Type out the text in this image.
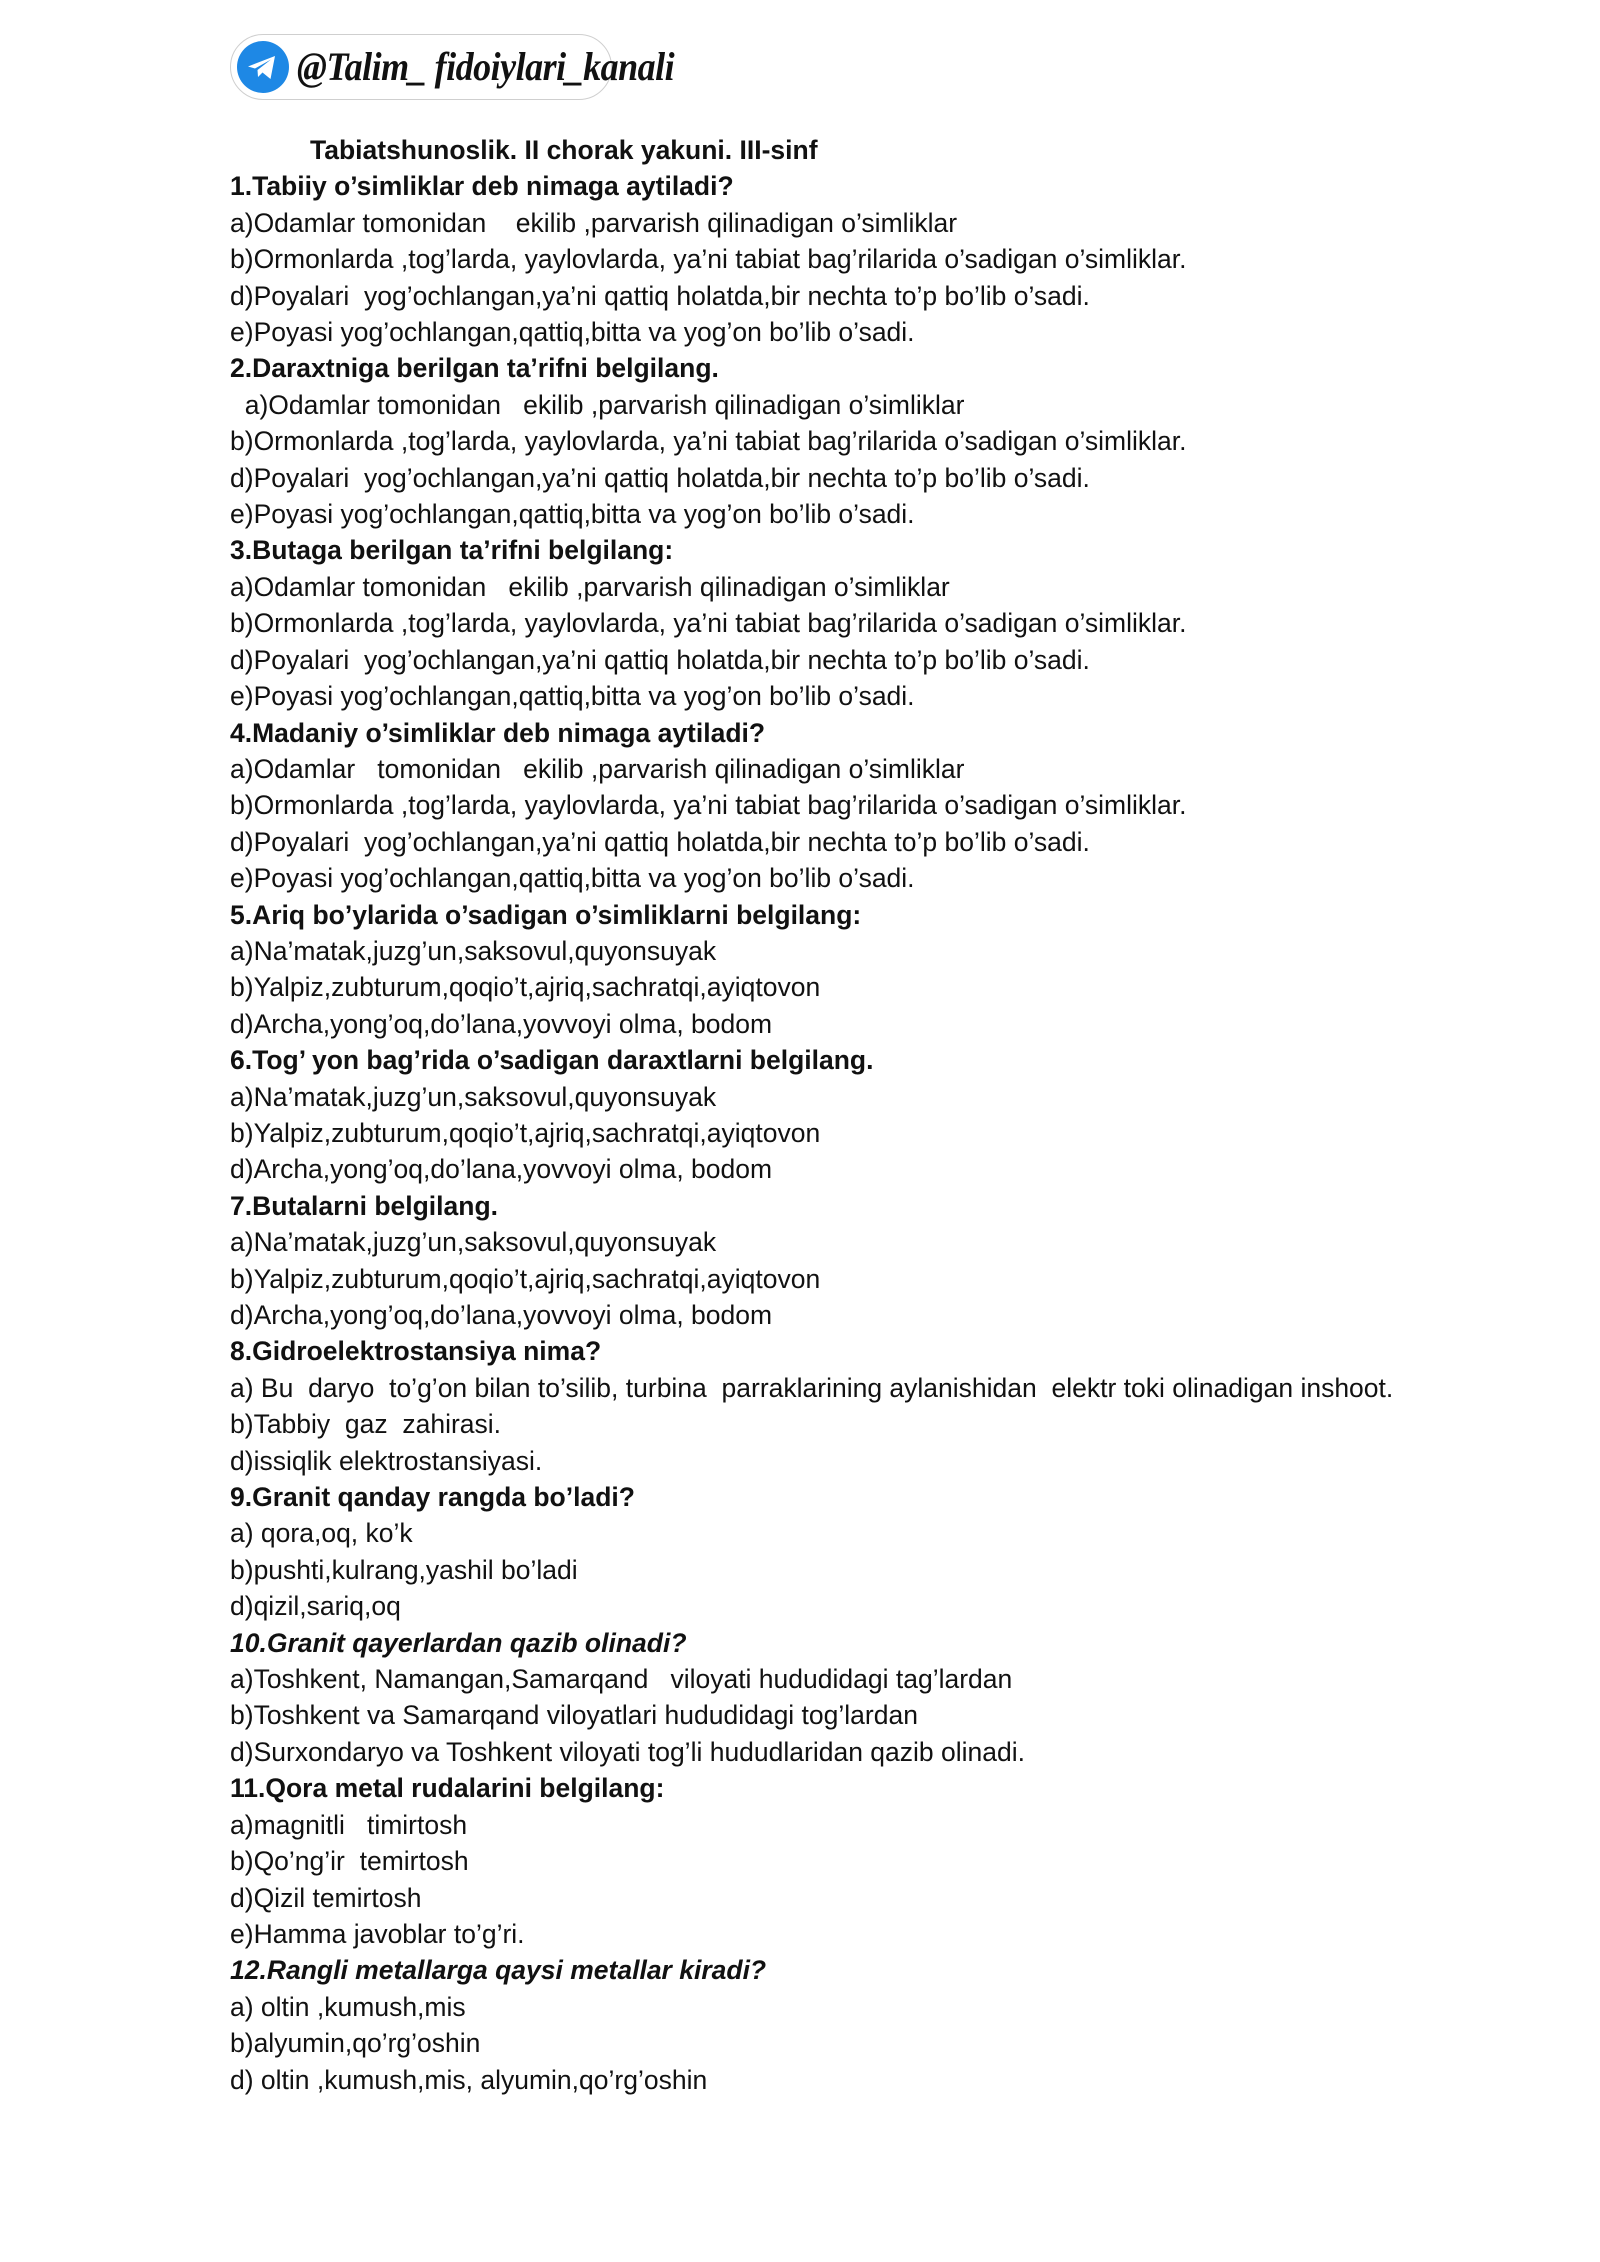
@Talim_ fidoiylari_kanali
Tabiatshunoslik. II chorak yakuni. III-sinf
1.Tabiiy o’simliklar deb nimaga aytiladi?
a)Odamlar tomonidan    ekilib ,parvarish qilinadigan o’simliklar
b)Ormonlarda ,tog’larda, yaylovlarda, ya’ni tabiat bag’rilarida o’sadigan o’simliklar.
d)Poyalari  yog’ochlangan,ya’ni qattiq holatda,bir nechta to’p bo’lib o’sadi.
e)Poyasi yog’ochlangan,qattiq,bitta va yog’on bo’lib o’sadi.
2.Daraxtniga berilgan ta’rifni belgilang.
a)Odamlar tomonidan   ekilib ,parvarish qilinadigan o’simliklar
b)Ormonlarda ,tog’larda, yaylovlarda, ya’ni tabiat bag’rilarida o’sadigan o’simliklar.
d)Poyalari  yog’ochlangan,ya’ni qattiq holatda,bir nechta to’p bo’lib o’sadi.
e)Poyasi yog’ochlangan,qattiq,bitta va yog’on bo’lib o’sadi.
3.Butaga berilgan ta’rifni belgilang:
a)Odamlar tomonidan   ekilib ,parvarish qilinadigan o’simliklar
b)Ormonlarda ,tog’larda, yaylovlarda, ya’ni tabiat bag’rilarida o’sadigan o’simliklar.
d)Poyalari  yog’ochlangan,ya’ni qattiq holatda,bir nechta to’p bo’lib o’sadi.
e)Poyasi yog’ochlangan,qattiq,bitta va yog’on bo’lib o’sadi.
4.Madaniy o’simliklar deb nimaga aytiladi?
a)Odamlar   tomonidan   ekilib ,parvarish qilinadigan o’simliklar
b)Ormonlarda ,tog’larda, yaylovlarda, ya’ni tabiat bag’rilarida o’sadigan o’simliklar.
d)Poyalari  yog’ochlangan,ya’ni qattiq holatda,bir nechta to’p bo’lib o’sadi.
e)Poyasi yog’ochlangan,qattiq,bitta va yog’on bo’lib o’sadi.
5.Ariq bo’ylarida o’sadigan o’simliklarni belgilang:
a)Na’matak,juzg’un,saksovul,quyonsuyak
b)Yalpiz,zubturum,qoqio’t,ajriq,sachratqi,ayiqtovon
d)Archa,yong’oq,do’lana,yovvoyi olma, bodom
6.Tog’ yon bag’rida o’sadigan daraxtlarni belgilang.
a)Na’matak,juzg’un,saksovul,quyonsuyak
b)Yalpiz,zubturum,qoqio’t,ajriq,sachratqi,ayiqtovon
d)Archa,yong’oq,do’lana,yovvoyi olma, bodom
7.Butalarni belgilang.
a)Na’matak,juzg’un,saksovul,quyonsuyak
b)Yalpiz,zubturum,qoqio’t,ajriq,sachratqi,ayiqtovon
d)Archa,yong’oq,do’lana,yovvoyi olma, bodom
8.Gidroelektrostansiya nima?
a) Bu  daryo  to’g’on bilan to’silib, turbina  parraklarining aylanishidan  elektr toki olinadigan inshoot.
b)Tabbiy  gaz  zahirasi.
d)issiqlik elektrostansiyasi.
9.Granit qanday rangda bo’ladi?
a) qora,oq, ko’k
b)pushti,kulrang,yashil bo’ladi
d)qizil,sariq,oq
10.Granit qayerlardan qazib olinadi?
a)Toshkent, Namangan,Samarqand   viloyati hududidagi tag’lardan
b)Toshkent va Samarqand viloyatlari hududidagi tog’lardan
d)Surxondaryo va Toshkent viloyati tog’li hududlaridan qazib olinadi.
11.Qora metal rudalarini belgilang:
a)magnitli   timirtosh
b)Qo’ng’ir  temirtosh
d)Qizil temirtosh
e)Hamma javoblar to’g’ri.
12.Rangli metallarga qaysi metallar kiradi?
a) oltin ,kumush,mis
b)alyumin,qo’rg’oshin
d) oltin ,kumush,mis, alyumin,qo’rg’oshin
